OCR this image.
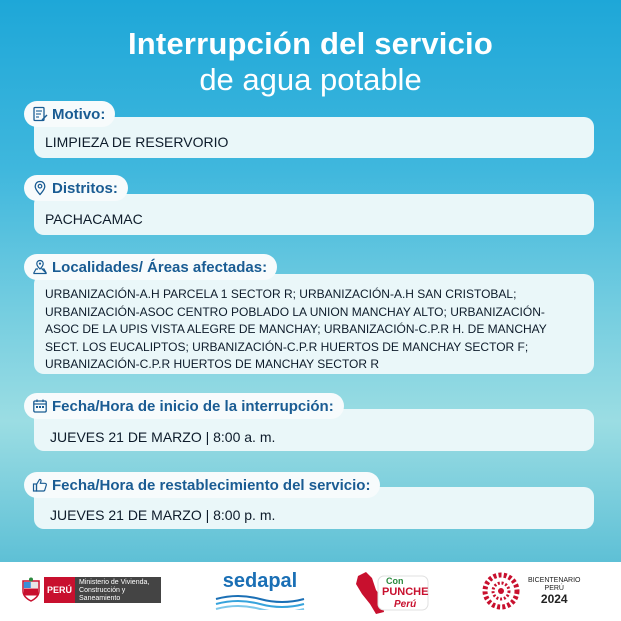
Interrupción del servicio
de agua potable
LIMPIEZA DE RESERVORIO
Motivo:
PACHACAMAC
Distritos:
URBANIZACIÓN-A.H PARCELA 1 SECTOR R; URBANIZACIÓN-A.H SAN CRISTOBAL;
URBANIZACIÓN-ASOC CENTRO POBLADO LA UNION MANCHAY ALTO; URBANIZACIÓN-
ASOC DE LA UPIS VISTA ALEGRE DE MANCHAY; URBANIZACIÓN-C.P.R H. DE MANCHAY
SECT. LOS EUCALIPTOS; URBANIZACIÓN-C.P.R HUERTOS DE MANCHAY SECTOR F;
URBANIZACIÓN-C.P.R HUERTOS DE MANCHAY SECTOR R
Localidades/ Áreas afectadas:
JUEVES 21 DE MARZO | 8:00 a. m.
Fecha/Hora de inicio de la interrupción:
JUEVES 21 DE MARZO | 8:00 p. m.
Fecha/Hora de restablecimiento del servicio:
PERÚ
Ministerio de Vivienda, Construcción y Saneamiento
sedapal	Con
PUNCHE
Perú
BICENTENARIO
PERÚ
2024
